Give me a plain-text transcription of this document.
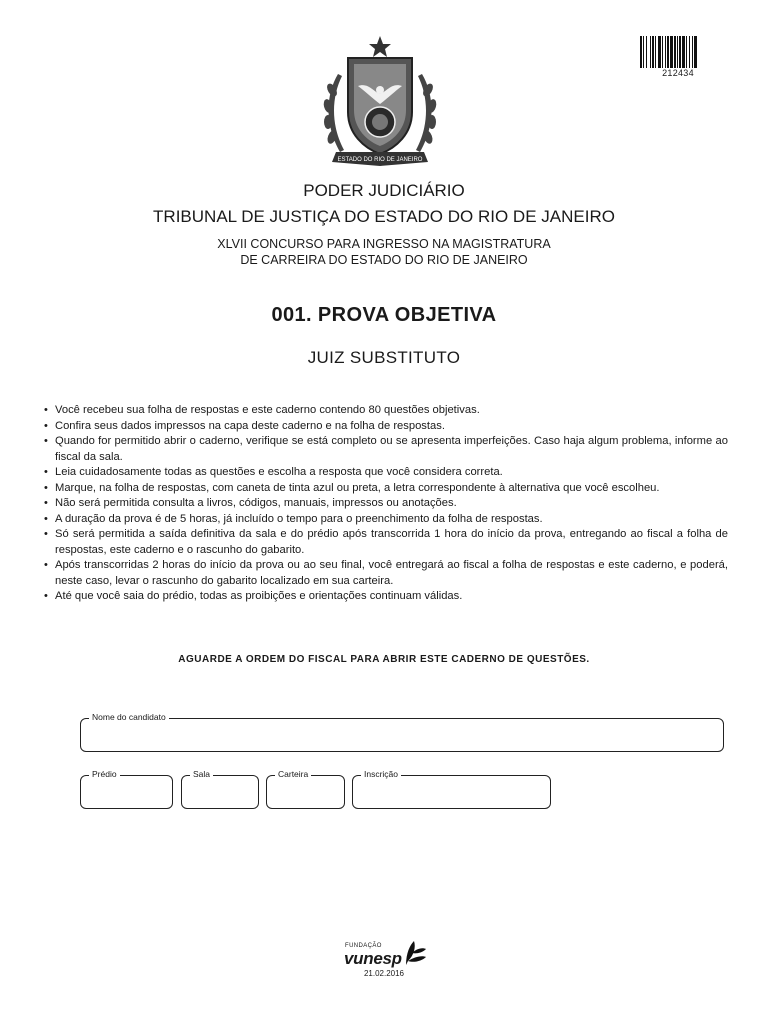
212434
ESTADO DO RIO DE JANEIRO
PODER JUDICIÁRIO
TRIBUNAL DE JUSTIÇA DO ESTADO DO RIO DE JANEIRO
XLVII CONCURSO PARA INGRESSO NA MAGISTRATURA
DE CARREIRA DO ESTADO DO RIO DE JANEIRO
001. PROVA OBJETIVA
JUIZ SUBSTITUTO
• Você recebeu sua folha de respostas e este caderno contendo 80 questões objetivas.
• Confira seus dados impressos na capa deste caderno e na folha de respostas.
• Quando for permitido abrir o caderno, verifique se está completo ou se apresenta imperfeições. Caso haja algum problema, informe ao fiscal da sala.
• Leia cuidadosamente todas as questões e escolha a resposta que você considera correta.
• Marque, na folha de respostas, com caneta de tinta azul ou preta, a letra correspondente à alternativa que você escolheu.
• Não será permitida consulta a livros, códigos, manuais, impressos ou anotações.
• A duração da prova é de 5 horas, já incluído o tempo para o preenchimento da folha de respostas.
• Só será permitida a saída definitiva da sala e do prédio após transcorrida 1 hora do início da prova, entregando ao fiscal a folha de respostas, este caderno e o rascunho do gabarito.
• Após transcorridas 2 horas do início da prova ou ao seu final, você entregará ao fiscal a folha de respostas e este caderno, e poderá, neste caso, levar o rascunho do gabarito localizado em sua carteira.
• Até que você saia do prédio, todas as proibições e orientações continuam válidas.
AGUARDE A ORDEM DO FISCAL PARA ABRIR ESTE CADERNO DE QUESTÕES.
Nome do candidato
Prédio	Sala	Carteira	Inscrição
FUNDAÇÃO
vunesp
21.02.2016
